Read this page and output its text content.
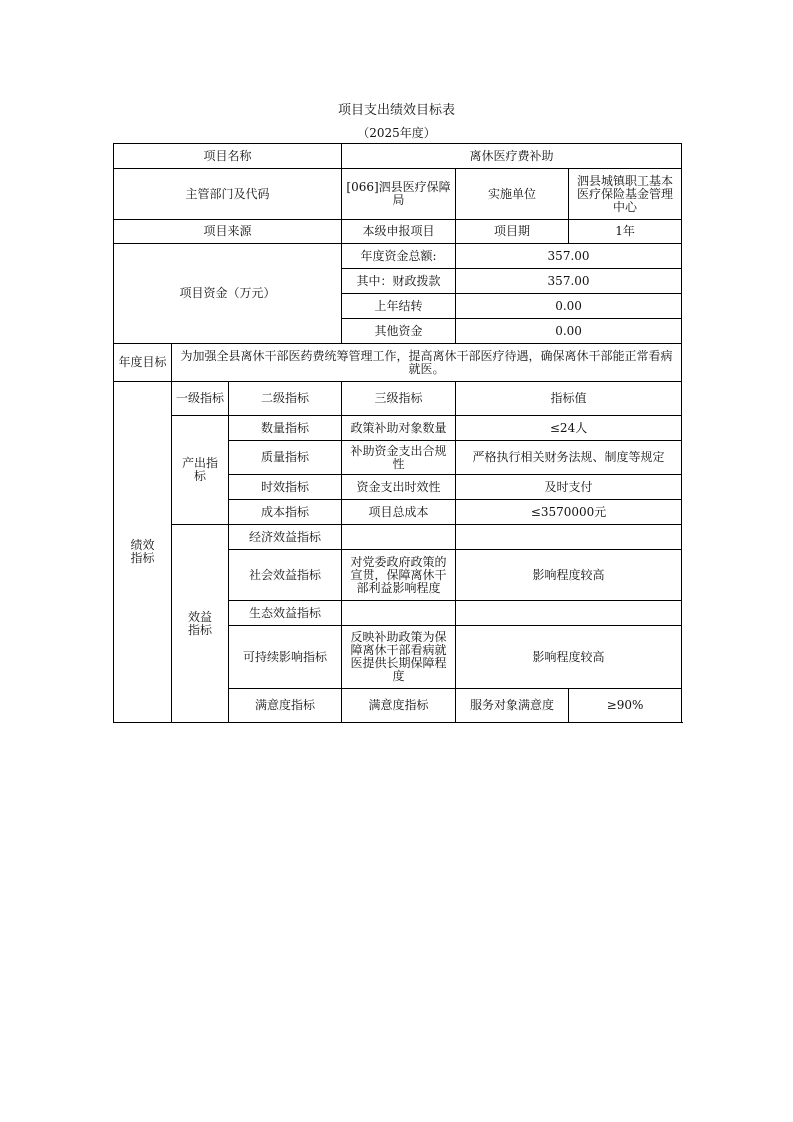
项目支出绩效目标表
（2025年度）
项目名称			离休医疗费补助		
主管部门及代码			[066]泗县医疗保障局	实施单位	泗县城镇职工基本医疗保险基金管理中心
项目来源			本级申报项目	项目期	1年
项目资金（万元）			年度资金总额:	357.00	
			其中：财政拨款	357.00	
			上年结转	0.00	
			其他资金	0.00	
年度目标	为加强全县离休干部医药费统筹管理工作，提高离休干部医疗待遇，确保离休干部能正常看病就医。				
绩效指标	一级指标	二级指标	三级指标	指标值	
	产出指标	数量指标	政策补助对象数量	≤24人	
		质量指标	补助资金支出合规性	严格执行相关财务法规、制度等规定	
		时效指标	资金支出时效性	及时支付	
		成本指标	项目总成本	≤3570000元	
	效益指标	经济效益指标			
		社会效益指标	对党委政府政策的宣贯，保障离休干部利益影响程度	影响程度较高	
		生态效益指标			
		可持续影响指标	反映补助政策为保障离休干部看病就医提供长期保障程度	影响程度较高	
		满意度指标	满意度指标	服务对象满意度	≥90%
